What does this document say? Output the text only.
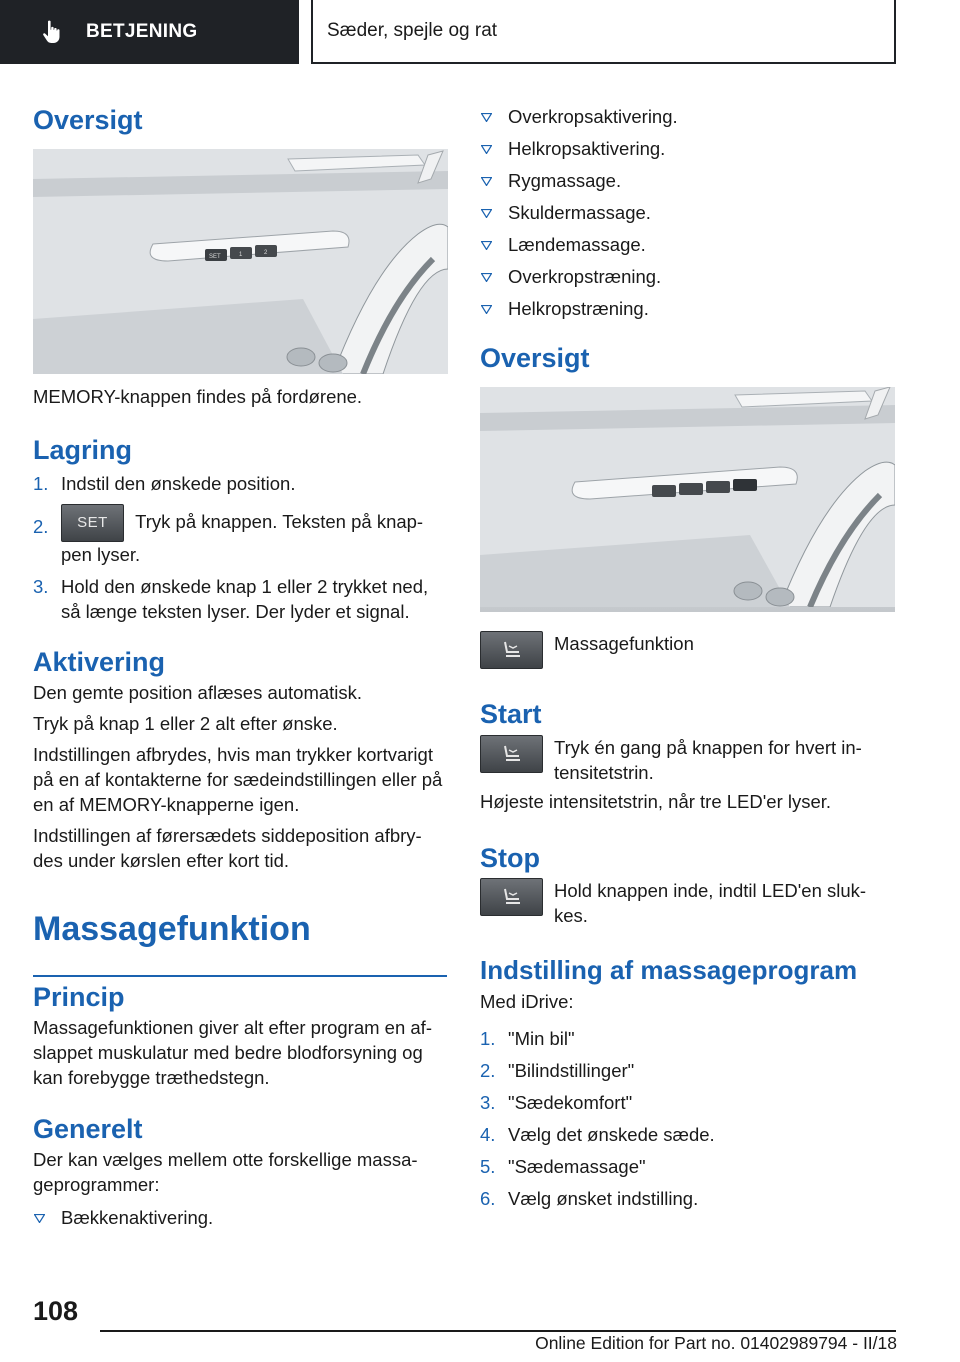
BETJENING	Sæder, spejle og rat
Oversigt
SET	1	2
MEMORY-knappen findes på fordørene.
Lagring
1. Indstil den ønskede position.
2. SET Tryk på knappen. Teksten på knap-
pen lyser.
3. Hold den ønskede knap 1 eller 2 trykket ned, så længe teksten lyser. Der lyder et signal.
Aktivering
Den gemte position aflæses automatisk.
Tryk på knap 1 eller 2 alt efter ønske.
Indstillingen afbrydes, hvis man trykker kortvarigt på en af kontakterne for sædeindstillingen eller på en af MEMORY-knapperne igen.
Indstillingen af førersædets siddeposition afbry-des under kørslen efter kort tid.
Massagefunktion
Princip
Massagefunktionen giver alt efter program en af-slappet muskulatur med bedre blodforsyning og kan forebygge træthedstegn.
Generelt
Der kan vælges mellem otte forskellige massa-geprogrammer:
Bækkenaktivering.
Overkropsaktivering.
Helkropsaktivering.
Rygmassage.
Skuldermassage.
Lændemassage.
Overkropstræning.
Helkropstræning.
Oversigt
Massagefunktion
Start
Tryk én gang på knappen for hvert in-tensitetstrin.
Højeste intensitetstrin, når tre LED'er lyser.
Stop
Hold knappen inde, indtil LED'en sluk-kes.
Indstilling af massageprogram
Med iDrive:
1. "Min bil"
2. "Bilindstillinger"
3. "Sædekomfort"
4. Vælg det ønskede sæde.
5. "Sædemassage"
6. Vælg ønsket indstilling.
108
Online Edition for Part no. 01402989794 - II/18
